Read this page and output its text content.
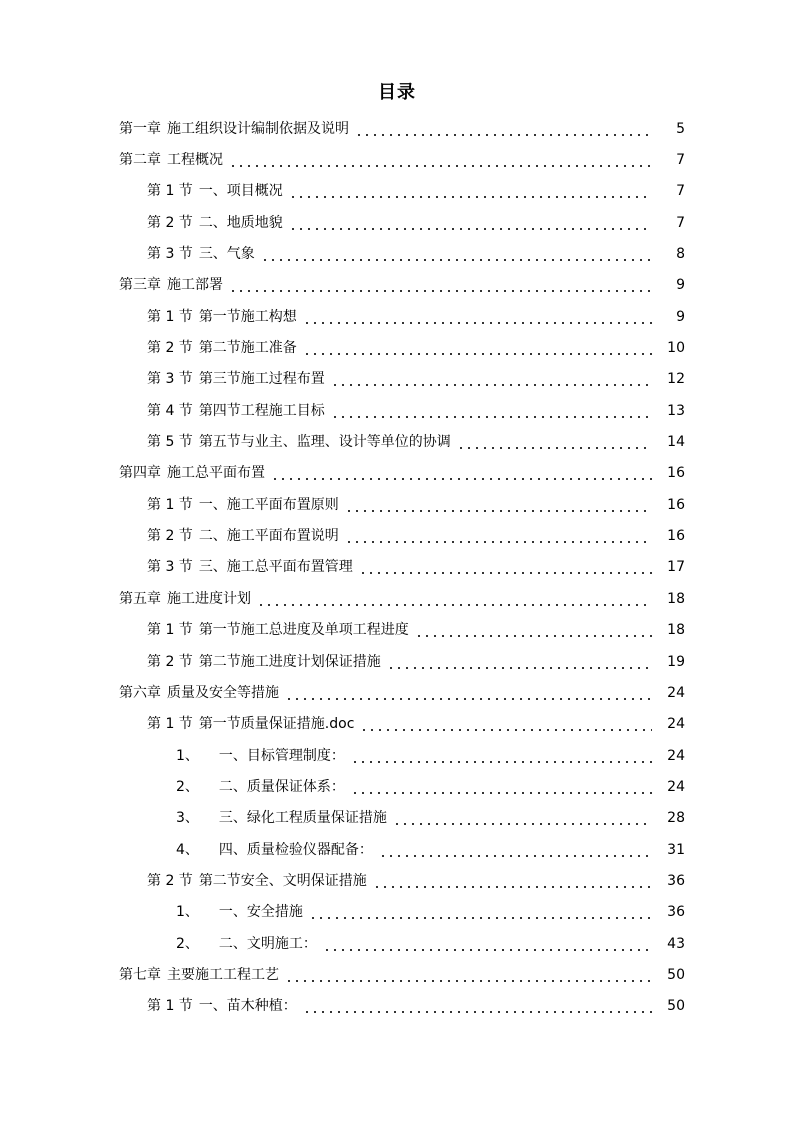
目录
第一章 施工组织设计编制依据及说明	5
第二章 工程概况	7
第 1 节 一、项目概况	7
第 2 节 二、地质地貌	7
第 3 节 三、气象	8
第三章 施工部署	9
第 1 节 第一节施工构想	9
第 2 节 第二节施工准备	10
第 3 节 第三节施工过程布置	12
第 4 节 第四节工程施工目标	13
第 5 节 第五节与业主、监理、设计等单位的协调	14
第四章 施工总平面布置	16
第 1 节 一、施工平面布置原则	16
第 2 节 二、施工平面布置说明	16
第 3 节 三、施工总平面布置管理	17
第五章 施工进度计划	18
第 1 节 第一节施工总进度及单项工程进度	18
第 2 节 第二节施工进度计划保证措施	19
第六章 质量及安全等措施	24
第 1 节 第一节质量保证措施.doc	24
1、 一、目标管理制度：	24
2、 二、质量保证体系：	24
3、 三、绿化工程质量保证措施	28
4、 四、质量检验仪器配备：	31
第 2 节 第二节安全、文明保证措施	36
1、 一、安全措施	36
2、 二、文明施工：	43
第七章 主要施工工程工艺	50
第 1 节 一、苗木种植：	50
